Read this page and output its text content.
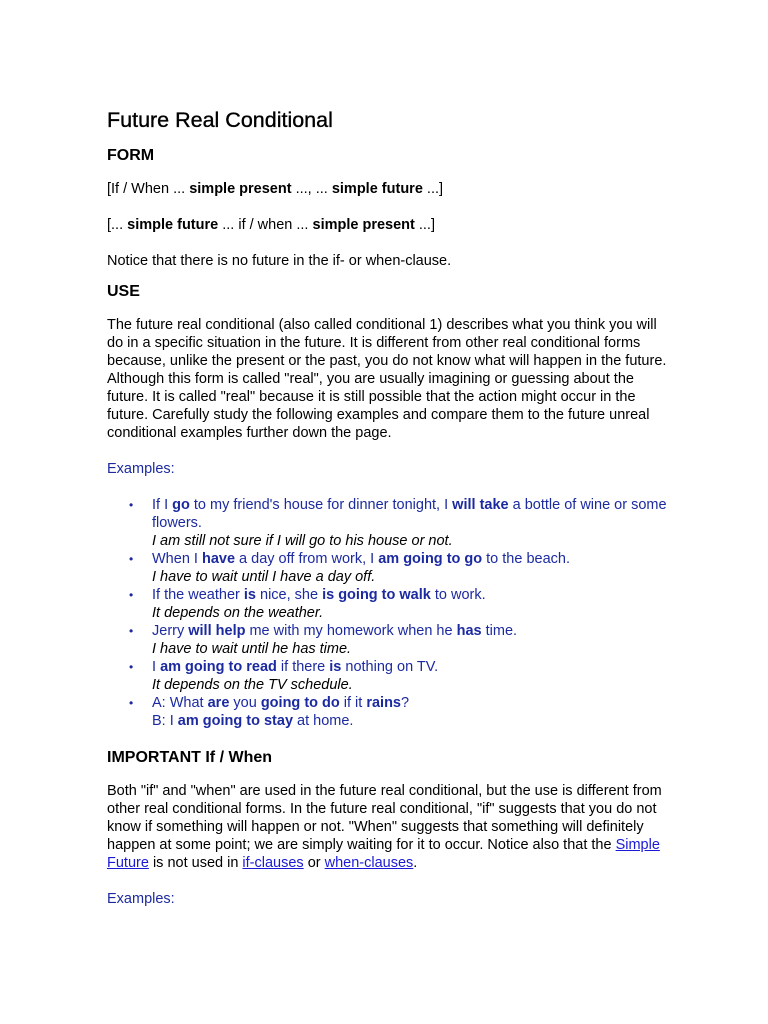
Future Real Conditional
FORM

[If / When ... simple present ..., ... simple future ...]

[... simple future ... if / when ... simple present ...]

Notice that there is no future in the if- or when-clause.

USE

The future real conditional (also called conditional 1) describes what you think you will do in a specific situation in the future. It is different from other real conditional forms because, unlike the present or the past, you do not know what will happen in the future. Although this form is called "real", you are usually imagining or guessing about the future. It is called "real" because it is still possible that the action might occur in the future. Carefully study the following examples and compare them to the future unreal conditional examples further down the page.

Examples:

• If I go to my friend's house for dinner tonight, I will take a bottle of wine or some flowers.
I am still not sure if I will go to his house or not.
• When I have a day off from work, I am going to go to the beach.
I have to wait until I have a day off.
• If the weather is nice, she is going to walk to work.
It depends on the weather.
• Jerry will help me with my homework when he has time.
I have to wait until he has time.
• I am going to read if there is nothing on TV.
It depends on the TV schedule.
• A: What are you going to do if it rains?
B: I am going to stay at home.
IMPORTANT If / When

Both "if" and "when" are used in the future real conditional, but the use is different from other real conditional forms. In the future real conditional, "if" suggests that you do not know if something will happen or not. "When" suggests that something will definitely happen at some point; we are simply waiting for it to occur. Notice also that the Simple Future is not used in if-clauses or when-clauses.

Examples:
